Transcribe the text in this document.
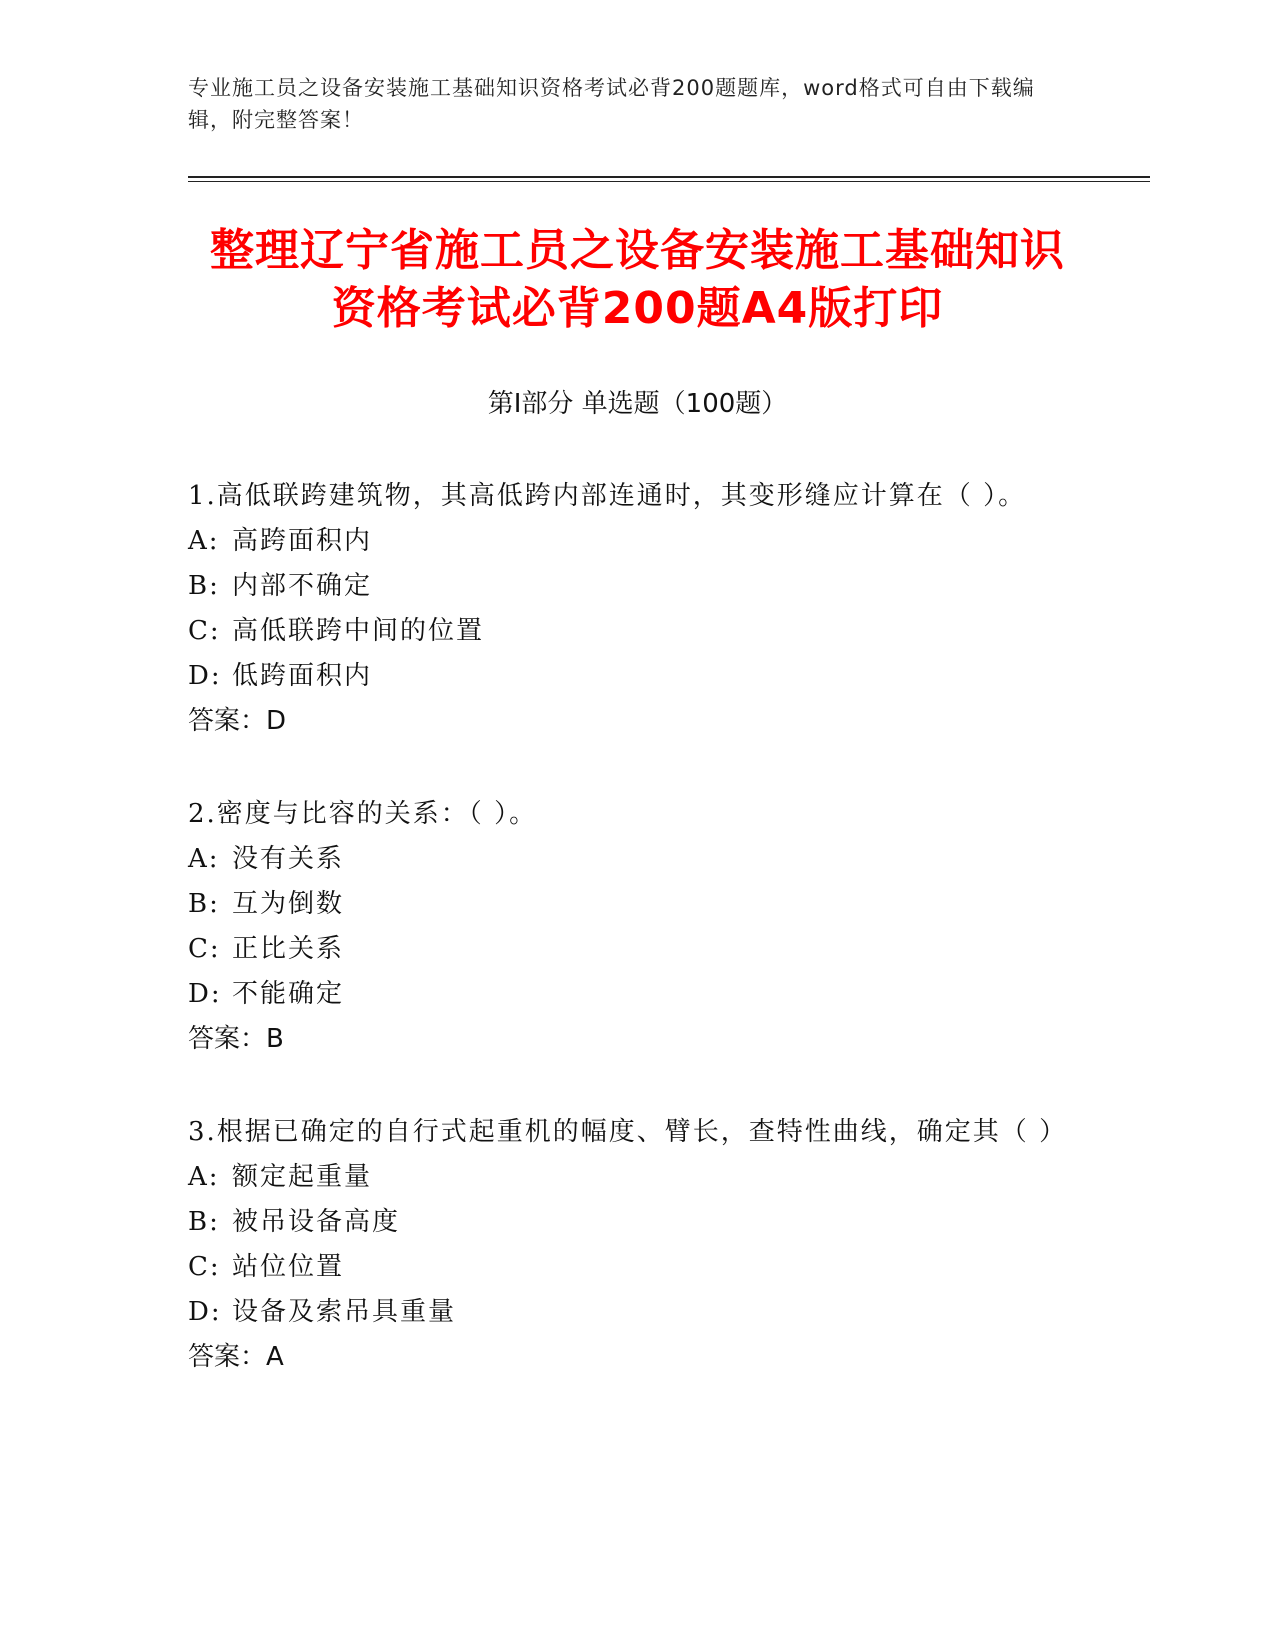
专业施工员之设备安装施工基础知识资格考试必背200题题库，word格式可自由下载编辑，附完整答案！
整理辽宁省施工员之设备安装施工基础知识
资格考试必背200题A4版打印
第Ⅰ部分 单选题（100题）
1.高低联跨建筑物，其高低跨内部连通时，其变形缝应计算在（ ）。
A: 高跨面积内
B: 内部不确定
C: 高低联跨中间的位置
D: 低跨面积内
答案：D
2.密度与比容的关系：（ ）。
A: 没有关系
B: 互为倒数
C: 正比关系
D: 不能确定
答案：B
3.根据已确定的自行式起重机的幅度、臂长，查特性曲线，确定其（ ）
A: 额定起重量
B: 被吊设备高度
C: 站位位置
D: 设备及索吊具重量
答案：A
